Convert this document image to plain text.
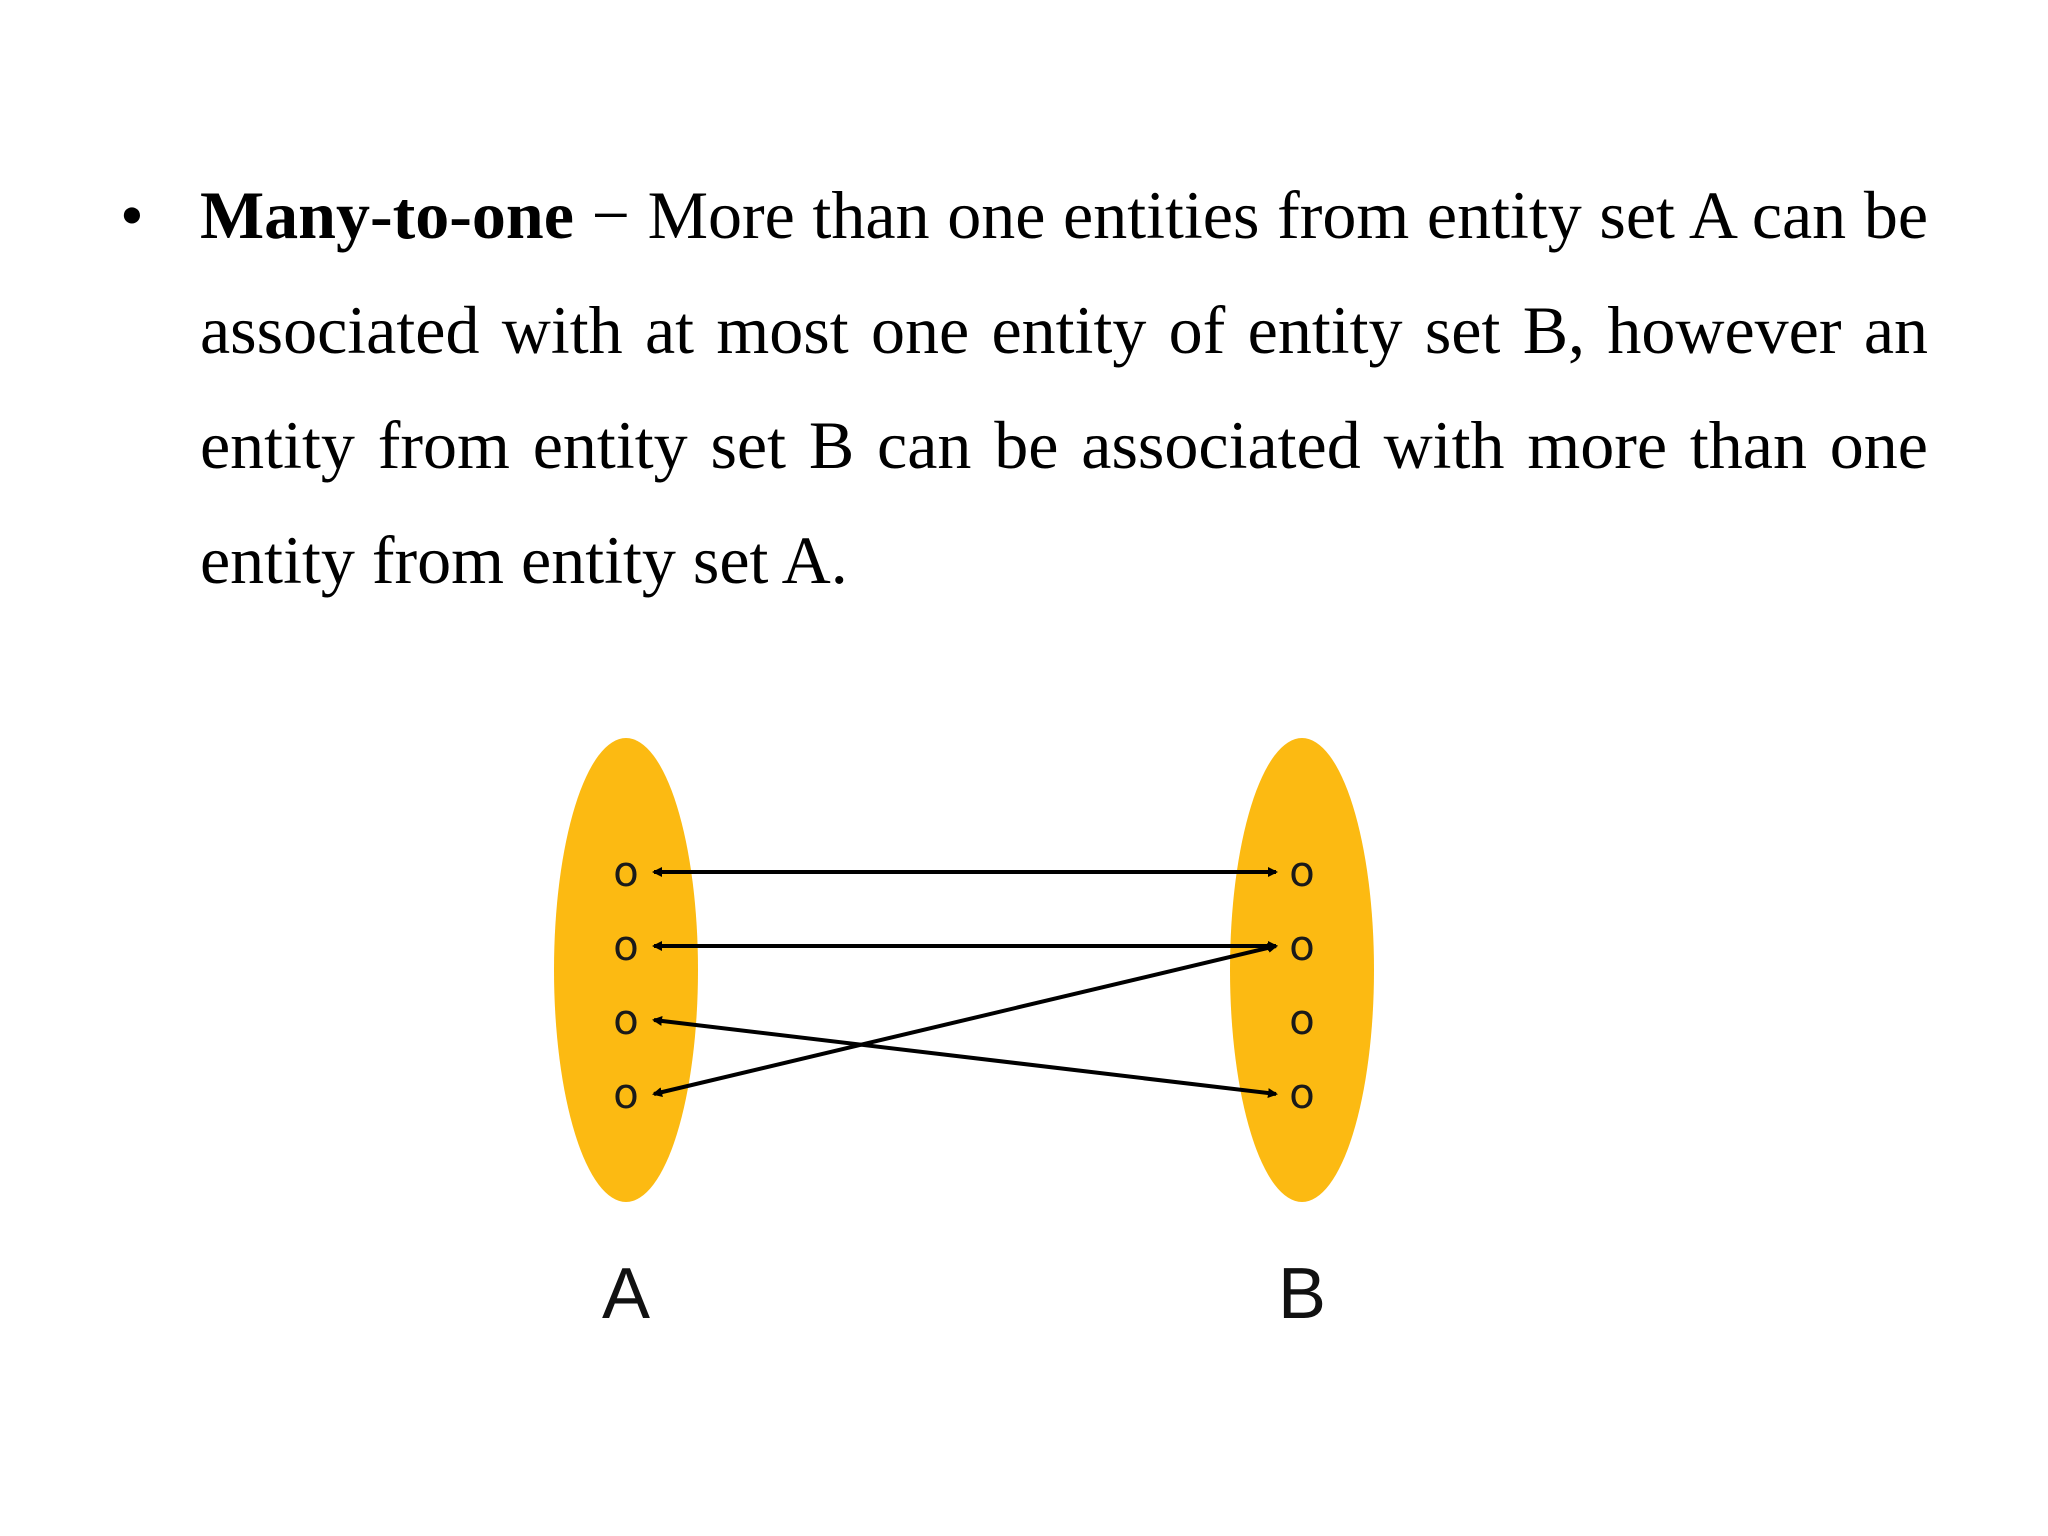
• Many-to-one − More than one entities from entity set A can be associated with at most one entity of entity set B, however an entity from entity set B can be associated with more than one entity from entity set A.
o
o
o
o
o
o
o
o
A	B
